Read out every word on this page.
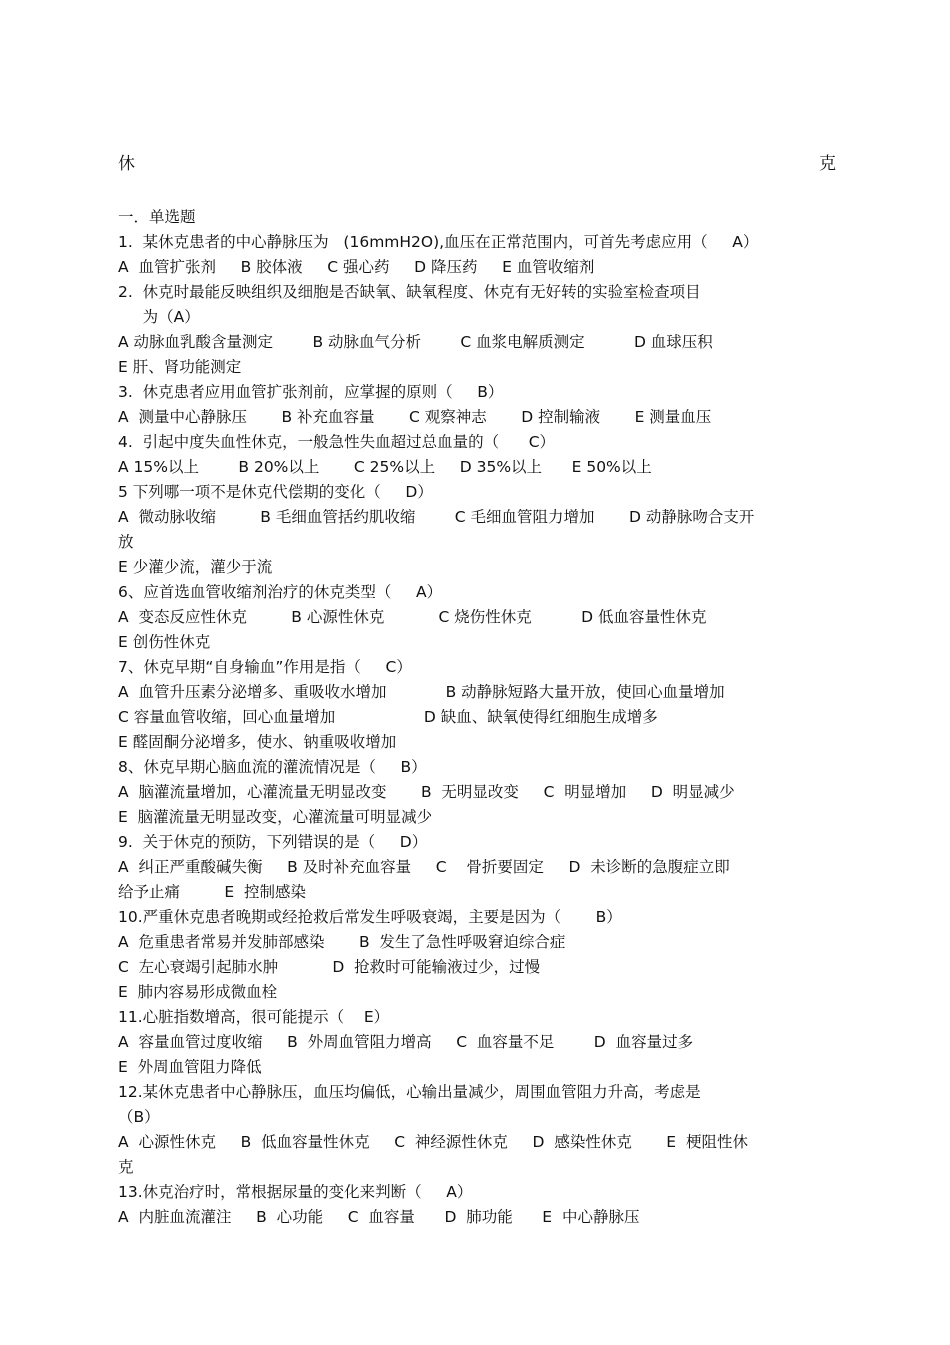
休	克
一．单选题
1.  某休克患者的中心静脉压为   (16mmH2O),血压在正常范围内，可首先考虑应用（     A）
A  血管扩张剂     B 胶体液     C 强心药     D 降压药     E 血管收缩剂
2.  休克时最能反映组织及细胞是否缺氧、缺氧程度、休克有无好转的实验室检查项目
为（A）
A 动脉血乳酸含量测定        B 动脉血气分析        C 血浆电解质测定          D 血球压积
E 肝、肾功能测定
3.  休克患者应用血管扩张剂前，应掌握的原则（     B）
A  测量中心静脉压       B 补充血容量       C 观察神志       D 控制输液       E 测量血压
4.  引起中度失血性休克，一般急性失血超过总血量的（      C）
A 15%以上        B 20%以上       C 25%以上     D 35%以上      E 50%以上
5 下列哪一项不是休克代偿期的变化（     D）
A  微动脉收缩         B 毛细血管括约肌收缩        C 毛细血管阻力增加       D 动静脉吻合支开
放
E 少灌少流，灌少于流
6、应首选血管收缩剂治疗的休克类型（     A）
A  变态反应性休克         B 心源性休克           C 烧伤性休克          D 低血容量性休克
E 创伤性休克
7、休克早期“自身输血”作用是指（     C）
A  血管升压素分泌增多、重吸收水增加            B 动静脉短路大量开放，使回心血量增加
C 容量血管收缩，回心血量增加                  D 缺血、缺氧使得红细胞生成增多
E 醛固酮分泌增多，使水、钠重吸收增加
8、休克早期心脑血流的灌流情况是（     B）
A  脑灌流量增加，心灌流量无明显改变       B  无明显改变     C  明显增加     D  明显减少
E  脑灌流量无明显改变，心灌流量可明显减少
9.  关于休克的预防，下列错误的是（     D）
A  纠正严重酸碱失衡     B 及时补充血容量     C    骨折要固定     D  未诊断的急腹症立即
给予止痛         E  控制感染
10.严重休克患者晚期或经抢救后常发生呼吸衰竭，主要是因为（       B）
A  危重患者常易并发肺部感染       B  发生了急性呼吸窘迫综合症
C  左心衰竭引起肺水肿           D  抢救时可能输液过少，过慢
E  肺内容易形成微血栓
11.心脏指数增高，很可能提示（    E）
A  容量血管过度收缩     B  外周血管阻力增高     C  血容量不足        D  血容量过多
E  外周血管阻力降低
12.某休克患者中心静脉压，血压均偏低，心输出量减少，周围血管阻力升高，考虑是
（B）
A  心源性休克     B  低血容量性休克     C  神经源性休克     D  感染性休克       E  梗阻性休
克
13.休克治疗时，常根据尿量的变化来判断（     A）
A  内脏血流灌注     B  心功能     C  血容量      D  肺功能      E  中心静脉压
